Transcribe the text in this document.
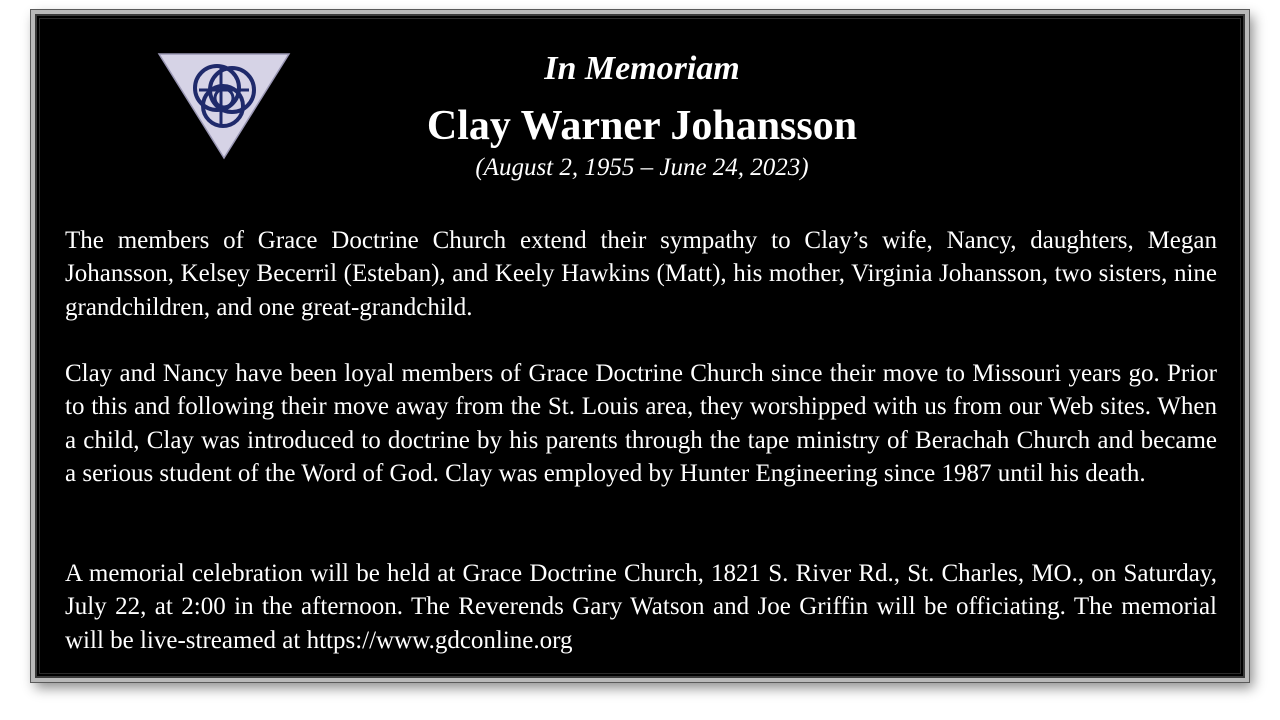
In Memoriam
Clay Warner Johansson
(August 2, 1955 – June 24, 2023)

The members of Grace Doctrine Church extend their sympathy to Clay’s wife, Nancy, daughters, Megan Johansson, Kelsey Becerril (Esteban), and Keely Hawkins (Matt), his mother, Virginia Johansson, two sisters, nine grandchildren, and one great-grandchild.

Clay and Nancy have been loyal members of Grace Doctrine Church since their move to Missouri years go. Prior to this and following their move away from the St. Louis area, they worshipped with us from our Web sites. When a child, Clay was introduced to doctrine by his parents through the tape ministry of Berachah Church and became a serious student of the Word of God. Clay was employed by Hunter Engineering since 1987 until his death.

A memorial celebration will be held at Grace Doctrine Church, 1821 S. River Rd., St. Charles, MO., on Saturday, July 22, at 2:00 in the afternoon. The Reverends Gary Watson and Joe Griffin will be officiating. The memorial will be live-streamed at https://www.gdconline.org
